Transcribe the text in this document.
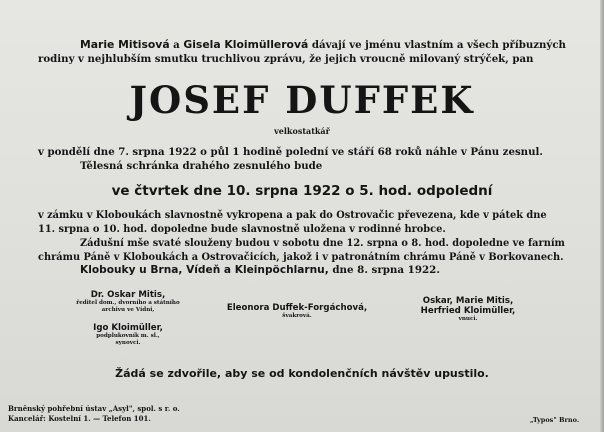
Marie Mitisová a Gisela Kloimüllerová dávají ve jménu vlastním a všech příbuzných
rodiny v nejhlubším smutku truchlivou zprávu, že jejich vroucně milovaný strýček, pan
JOSEF DUFFEK
velkostatkář
v pondělí dne 7. srpna 1922 o půl 1 hodině polední ve stáří 68 roků náhle v Pánu zesnul.
Tělesná schránka drahého zesnulého bude
ve čtvrtek dne 10. srpna 1922 o 5. hod. odpolední
v zámku v Kloboukách slavnostně vykropena a pak do Ostrovačic převezena, kde v pátek dne
11. srpna o 10. hod. dopoledne bude slavnostně uložena v rodinné hrobce.
Zádušní mše svaté slouženy budou v sobotu dne 12. srpna o 8. hod. dopoledne ve farním
chrámu Páně v Kloboukách a Ostrovačicích, jakož i v patronátním chrámu Páně v Borkovanech.
Klobouky u Brna, Vídeň a Kleinpöchlarnu, dne 8. srpna 1922.
Dr. Oskar Mitis,
ředitel dom., dvorního a státního
archivu ve Vídni,
Igo Kloimüller,
podplukovník m. sl.,
synovci.
Eleonora Duffek-Forgáchová,
švakrová.
Oskar, Marie Mitis,
Herfried Kloimüller,
vnuci.
Žádá se zdvořile, aby se od kondolenčních návštěv upustilo.
Brněnský pohřební ústav „Asyl", spol. s r. o.
Kancelář: Kostelní 1. — Telefon 101.	„Typos" Brno.
